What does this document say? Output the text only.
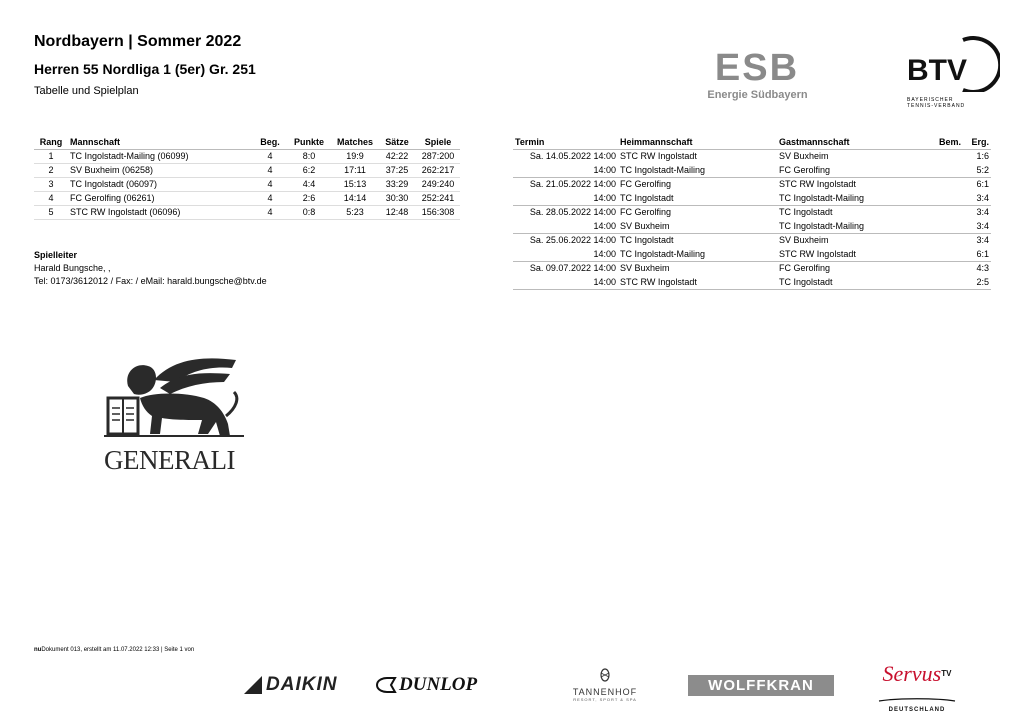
Nordbayern | Sommer 2022
Herren 55 Nordliga 1 (5er) Gr. 251
Tabelle und Spielplan
ESB
Energie Südbayern
BTV
BAYERISCHER
TENNIS-VERBAND
Rang	Mannschaft	Beg.	Punkte	Matches	Sätze	Spiele
1	TC Ingolstadt-Mailing (06099)	4	8:0	19:9	42:22	287:200
2	SV Buxheim (06258)	4	6:2	17:11	37:25	262:217
3	TC Ingolstadt (06097)	4	4:4	15:13	33:29	249:240
4	FC Gerolfing (06261)	4	2:6	14:14	30:30	252:241
5	STC RW Ingolstadt (06096)	4	0:8	5:23	12:48	156:308
Spielleiter
Harald Bungsche, ,
Tel: 0173/3612012 / Fax: / eMail: harald.bungsche@btv.de
Termin	Heimmannschaft	Gastmannschaft	Bem.	Erg.
Sa. 14.05.2022 14:00	STC RW Ingolstadt	SV Buxheim		1:6
14:00	TC Ingolstadt-Mailing	FC Gerolfing		5:2
Sa. 21.05.2022 14:00	FC Gerolfing	STC RW Ingolstadt		6:1
14:00	TC Ingolstadt	TC Ingolstadt-Mailing		3:4
Sa. 28.05.2022 14:00	FC Gerolfing	TC Ingolstadt		3:4
14:00	SV Buxheim	TC Ingolstadt-Mailing		3:4
Sa. 25.06.2022 14:00	TC Ingolstadt	SV Buxheim		3:4
14:00	TC Ingolstadt-Mailing	STC RW Ingolstadt		6:1
Sa. 09.07.2022 14:00	SV Buxheim	FC Gerolfing		4:3
14:00	STC RW Ingolstadt	TC Ingolstadt		2:5
GENERALI
nuDokument 013, erstellt am 11.07.2022 12:33 | Seite 1 von
DAIKIN	DUNLOP	TANNENHOF
RESORT, SPORT & SPA
WOLFFKRAN	Servus$^{TV}$
DEUTSCHLAND
